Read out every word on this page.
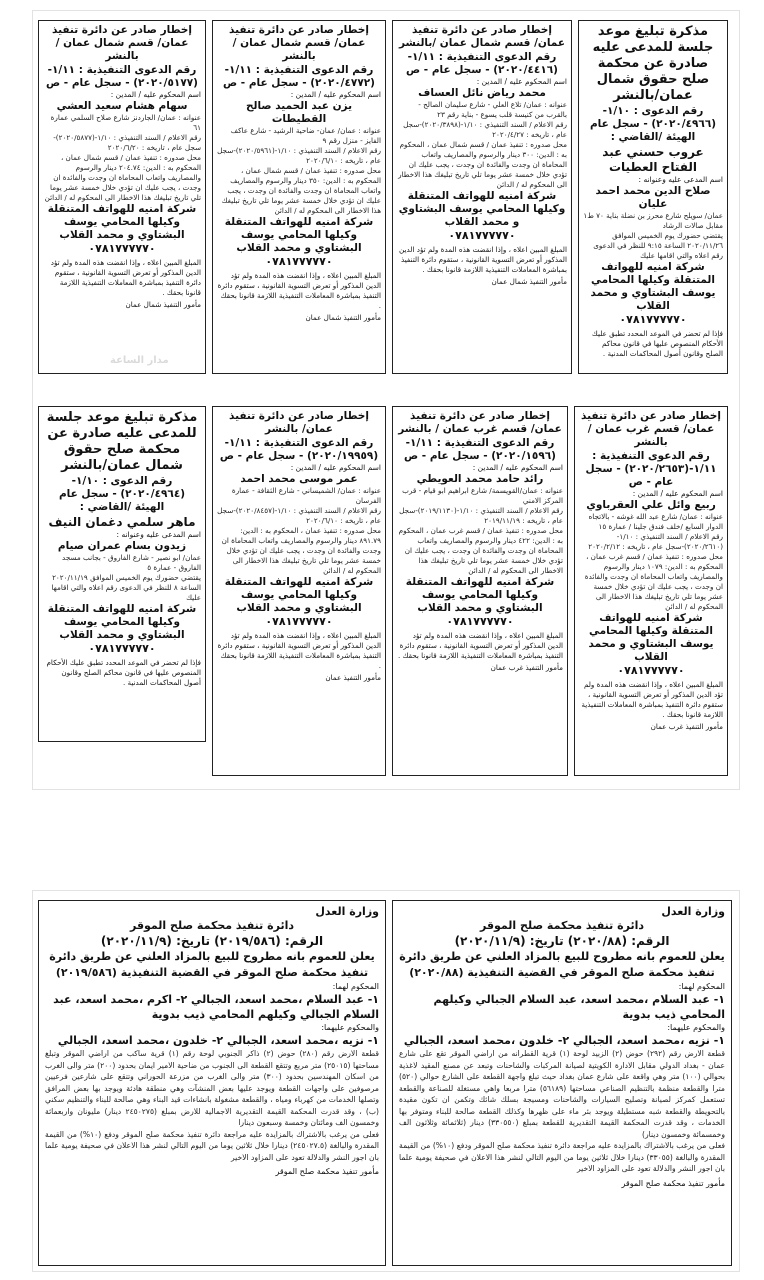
مذكرة تبليغ موعد جلسة للمدعى عليه صادرة عن محكمة صلح حقوق شمال عمان/بالنشر
رقم الدعوى : ١/١٠-(٢٠٢٠/٤٩٦٦) - سجل عام
الهيئة /القاضي :
عروب حسني عبد الفتاح العطيات
اسم المدعى عليه وعنوانه :
صلاح الدين محمد احمد عليان
عمان/ سويلح شارع محرز بن نضلة بناية ٧٠ ط١ مقابل صالات الرشاد
يقتضي حضورك يوم الخميس الموافق ٢٠٢٠/١١/٢٦ الساعة ٩:١٥ للنظر في الدعوى رقم اعلاه والتي اقامها عليك
شركة امنيه للهواتف المتنقلة وكيلها المحامي يوسف البشتاوي و محمد القلاب
٠٧٨١٧٧٧٧٧٠
فإذا لم تحضر في الموعد المحدد تطبق عليك الأحكام المنصوص عليها في قانون محاكم الصلح وقانون أصول المحاكمات المدنية .
إخطار صادر عن دائرة تنفيذ عمان/ قسم شمال عمان /بالنشر
رقم الدعوى التنفيذية : ١/١١-(٢٠٢٠/٤٤١٦) - سجل عام - ص
اسم المحكوم عليه / المدين :
محمد رياض نائل العساف
عنوانه : عمان/ تلاع العلي - شارع سليمان الصالح - بالقرب من كنيسة قلب يسوع - بناية رقم ٢٣
رقم الاعلام / السند التنفيذي : ١/١٠-(٢٠٢٠/٣٨٩٨)-سجل عام ، تاريخه : ٢٠٢٠/٤/٢٧
محل صدوره : تنفيذ عمان / قسم شمال عمان ، المحكوم به : الدين: ٣٠٠ دينار والرسوم والمصاريف واتعاب المحاماة ان وجدت والفائدة ان وجدت ، يجب عليك ان تؤدي خلال خمسة عشر يوما تلي تاريخ تبليغك هذا الاخطار الى المحكوم له / الدائن
شركة امنيه للهواتف المتنقلة وكيلها المحامي يوسف البشتاوي و محمد القلاب
٠٧٨١٧٧٧٧٧٠
المبلغ المبين اعلاه ، وإذا انقضت هذه المدة ولم تؤد الدين المذكور أو تعرض التسوية القانونية ، ستقوم دائرة التنفيذ بمباشرة المعاملات التنفيذية اللازمة قانونا بحقك .
مأمور التنفيذ شمال عمان
إخطار صادر عن دائرة تنفيذ عمان/ قسم شمال عمان / بالنشر
رقم الدعوى التنفيذية : ١/١١-(٢٠٢٠/٤٧٧٢) - سجل عام - ص
اسم المحكوم عليه / المدين :
يزن عبد الحميد صالح القطيطات
عنوانه : عمان/ عمان- ضاحية الرشيد - شارع عاكف الفايز - منزل رقم ٩
رقم الاعلام / السند التنفيذي : ١/١٠-(٢٠٢٠/٥٩٦١)-سجل عام ، تاريخه : ٢٠٢٠/٦/١٠
محل صدوره : تنفيذ عمان / قسم شمال عمان ، المحكوم به : الدين: ٣٥٠ دينار والرسوم والمصاريف واتعاب المحاماة ان وجدت والفائدة ان وجدت ، يجب عليك ان تؤدي خلال خمسة عشر يوما تلي تاريخ تبليغك هذا الاخطار الى المحكوم له / الدائن
شركة امنيه للهواتف المتنقلة وكيلها المحامي يوسف البشتاوي و محمد القلاب
٠٧٨١٧٧٧٧٧٠
المبلغ المبين اعلاه ، وإذا انقضت هذه المدة ولم تؤد الدين المذكور أو تعرض التسوية القانونية ، ستقوم دائرة التنفيذ بمباشرة المعاملات التنفيذية اللازمة قانونا بحقك .
مأمور التنفيذ شمال عمان
إخطار صادر عن دائرة تنفيذ عمان/ قسم شمال عمان /بالنشر
رقم الدعوى التنفيذية : ١/١١-(٢٠٢٠/٥١٧٧) - سجل عام - ص
اسم المحكوم عليه / المدين :
سهام هشام سعيد العشي
عنوانه : عمان/ الجاردنز شارع صلاح السلمي عمارة ٦١
رقم الاعلام / السند التنفيذي : ١/١٠-(٢٠٢٠/٥٨٧٧)-سجل عام ، تاريخه : ٢٠٢٠/٦/٢٠
محل صدوره : تنفيذ عمان / قسم شمال عمان ، المحكوم به : الدين: ٢٠٤.٧٤ دينار والرسوم والمصاريف واتعاب المحاماة ان وجدت والفائدة ان وجدت ، يجب عليك ان تؤدي خلال خمسة عشر يوما تلي تاريخ تبليغك هذا الاخطار الى المحكوم له / الدائن
شركة امنيه للهواتف المتنقلة وكيلها المحامي يوسف البشتاوي و محمد القلاب
٠٧٨١٧٧٧٧٧٠
المبلغ المبين اعلاه ، وإذا انقضت هذه المدة ولم تؤد الدين المذكور أو تعرض التسوية القانونية ، ستقوم دائرة التنفيذ بمباشرة المعاملات التنفيذية اللازمة قانونا بحقك .
مأمور التنفيذ شمال عمان
إخطار صادر عن دائرة تنفيذ عمان/ قسم غرب عمان / بالنشر
رقم الدعوى التنفيذية : ١/١١-(٢٠٢٠/٢٦٥٣) - سجل عام - ص
اسم المحكوم عليه / المدين :
ربيع وائل علي العقرباوي
عنوانه : عمان/ شارع عبد الله غوشه - بالاتجاه الدوار السابع /خلف فندق جلينا / عمارة ١٥
رقم الاعلام / السند التنفيذي : ١/١٠-(٢٠٢٠/٢٦١٠)-سجل عام ، تاريخه : ٢٠٢٠/٢/١٢
محل صدوره : تنفيذ عمان / قسم غرب عمان ، المحكوم به : الدين: ١٠٧٩ دينار والرسوم والمصاريف واتعاب المحاماة ان وجدت والفائدة ان وجدت ، يجب عليك ان تؤدي خلال خمسة عشر يوما تلي تاريخ تبليغك هذا الاخطار الى المحكوم له / الدائن
شركة امنيه للهواتف المتنقلة وكيلها المحامي يوسف البشتاوي و محمد القلاب
٠٧٨١٧٧٧٧٧٠
المبلغ المبين اعلاه ، وإذا انقضت هذه المدة ولم تؤد الدين المذكور أو تعرض التسوية القانونية ، ستقوم دائرة التنفيذ بمباشرة المعاملات التنفيذية اللازمة قانونا بحقك .
مأمور التنفيذ غرب عمان
إخطار صادر عن دائرة تنفيذ عمان/ قسم غرب عمان / بالنشر
رقم الدعوى التنفيذية : ١/١١-(٢٠٢٠/١٥٩٦) - سجل عام - ص
اسم المحكوم عليه / المدين :
رائد حامد محمد العويطي
عنوانه : عمان/القويسمة/ شارع ابراهيم ابو قيام - قرب المركز الامني
رقم الاعلام / السند التنفيذي : ١/١٠-(٢٠١٩/١١٣٠)-سجل عام ، تاريخه : ٢٠١٩/١١/١٩
محل صدوره : تنفيذ عمان / قسم غرب عمان ، المحكوم به : الدين: ٤٢٢ دينار والرسوم والمصاريف واتعاب المحاماة ان وجدت والفائدة ان وجدت ، يجب عليك ان تؤدي خلال خمسة عشر يوما تلي تاريخ تبليغك هذا الاخطار الى المحكوم له / الدائن
شركة امنيه للهواتف المتنقلة وكيلها المحامي يوسف البشتاوي و محمد القلاب
٠٧٨١٧٧٧٧٧٠
المبلغ المبين اعلاه ، وإذا انقضت هذه المدة ولم تؤد الدين المذكور أو تعرض التسوية القانونية ، ستقوم دائرة التنفيذ بمباشرة المعاملات التنفيذية اللازمة قانونا بحقك .
مأمور التنفيذ غرب عمان
إخطار صادر عن دائرة تنفيذ عمان/ بالنشر
رقم الدعوى التنفيذية : ١/١١-(٢٠٢٠/١٩٩٥٩) - سجل عام - ص
اسم المحكوم عليه / المدين :
عمر موسى محمد احمد
عنوانه : عمان/ الشميساني - شارع الثقافة - عمارة الفرسان
رقم الاعلام / السند التنفيذي : ١/١٠-(٢٠٢٠/٨٤٥٧)-سجل عام ، تاريخه : ٢٠٢٠/٦/١٠
محل صدوره : تنفيذ عمان ، المحكوم به : الدين: ٨٩١.٧٩ دينار والرسوم والمصاريف واتعاب المحاماة ان وجدت والفائدة ان وجدت ، يجب عليك ان تؤدي خلال خمسة عشر يوما تلي تاريخ تبليغك هذا الاخطار الى المحكوم له / الدائن
شركة امنيه للهواتف المتنقلة وكيلها المحامي يوسف البشتاوي و محمد القلاب
٠٧٨١٧٧٧٧٧٠
المبلغ المبين اعلاه ، وإذا انقضت هذه المدة ولم تؤد الدين المذكور أو تعرض التسوية القانونية ، ستقوم دائرة التنفيذ بمباشرة المعاملات التنفيذية اللازمة قانونا بحقك .
مأمور التنفيذ عمان
مذكرة تبليغ موعد جلسة للمدعى عليه صادرة عن محكمة صلح حقوق شمال عمان/بالنشر
رقم الدعوى : ١/١٠-(٢٠٢٠/٤٩٦٤) - سجل عام
الهيئة /القاضي :
ماهر سلمي دغمان النيف
اسم المدعى عليه وعنوانه :
زيدون بسام عمران صيام
عمان/ ابو نصير - شارع الفاروق - بجانب مسجد الفاروق - عمارة ٥
يقتضي حضورك يوم الخميس الموافق ٢٠٢٠/١١/١٩ الساعة ٨ للنظر في الدعوى رقم اعلاه والتي اقامها عليك
شركة امنيه للهواتف المتنقلة وكيلها المحامي يوسف البشتاوي و محمد القلاب
٠٧٨١٧٧٧٧٧٠
فإذا لم تحضر في الموعد المحدد تطبق عليك الأحكام المنصوص عليها في قانون محاكم الصلح وقانون أصول المحاكمات المدنية .
وزارة العدل
دائرة تنفيذ محكمة صلح الموقر
الرقم: (٢٠٢٠/٨٨) تاريخ: (٢٠٢٠/١١/٩)
يعلن للعموم بانه مطروح للبيع بالمزاد العلني عن طريق دائرة تنفيذ محكمة صلح الموقر في القضية التنفيذية (٢٠٢٠/٨٨)
المحكوم لهما:
١- عبد السلام ،محمد اسعد، عبد السلام الجبالي وكيلهم المحامي ذيب بدوية
والمحكوم عليهما:
١- نزيه ،محمد اسعد، الجبالي ٢- خلدون ،محمد اسعد، الجبالي
قطعة الارض رقم (٢٩٢) حوض (٢) الزبيد لوحة (١) قرية القطرانه من اراضي الموقر تقع على شارع عمان - بغداد الدولي مقابل الادارة الكويتية لصيانة المركبات والشاحنات وتبعد عن مصنع المقيد لاغذية بحوالي (١٠٠) متر وهي واقعة على شارع عمان بغداد حيث تبلغ واجهة القطعة على الشارع حوالي (٥٢٠) مترا والقطعة منظمة بالتنظيم الصناعي مساحتها (٥٦١٨٩) مترا مربعا واهي مستغلة للصناعة والقطعة تستعمل كمركز لصيانة وتصليح السيارات والشاحنات ومسيجة بسلك شائك وتكمن ان تكون مقيدة بالتحويطة والقطعة شبه مستطيلة ويوجد بئر ماء على ظهرها وكذلك القطعة صالحة للبناء ومتوفر بها الخدمات ، وقد قدرت المحكمة القيمة التقديرية للقطعة بمبلغ (٣٣٠٥٥٠) دينار (ثلاثمائة وثلاثون الف وخمسمائة وخمسون دينار)
فعلى من يرغب بالاشتراك بالمزايدة عليه مراجعة دائرة تنفيذ محكمة صلح الموقر ودفع (١٠%) من القيمة المقدرة والبالغة (٣٣٠٥٥) دينارا خلال ثلاثين يوما من اليوم التالي لنشر هذا الاعلان في صحيفة يومية علما بان اجور النشر والدلالة تعود على المزاود الاخير
مأمور تنفيذ محكمة صلح الموقر
وزارة العدل
دائرة تنفيذ محكمة صلح الموقر
الرقم: (٢٠١٩/٥٨٦) تاريخ: (٢٠٢٠/١١/٩)
يعلن للعموم بانه مطروح للبيع بالمزاد العلني عن طريق دائرة تنفيذ محكمة صلح الموقر في القضية التنفيذية (٢٠١٩/٥٨٦)
المحكوم لهما:
١- عبد السلام ،محمد اسعد، الجبالي ٢- اكرم ،محمد اسعد، عبد السلام الجبالي وكيلهم المحامي ذيب بدوية
والمحكوم عليهما:
١- نزيه ،محمد اسعد، الجبالي ٢- خلدون ،محمد اسعد، الجبالي
قطعة الارض رقم (٢٨٠) حوض (٢) ذاكر الجنوبي لوحة رقم (١) قرية ساكب من اراضي الموقر وتبلغ مساحتها (٢٥٠١٥) متر مربع وتتقع القطعة الى الجنوب من ضاحية الامير ايمان بحدود (٢٠٠) متر والى الغرب من اسكان المهندسين بحدود (٣٠٠) متر والى الغرب من مزرعة الحوراني وتتقع على شارعين فرعيين مرصوفين على واجهات القطعة ويوجد عليها بعض المنشآت وهي منطقة هادئة ويوجد بها بعض المرافق وتصلها الخدمات من كهرباء ومياه ، والقطعة مشغولة بانشاءات قيد البناء وهي صالحة للبناء والتنظيم سكني (ب) ، وقد قدرت المحكمة القيمة التقديرية الاجمالية للارض بمبلغ (٢٤٥٠٢٧٥ دينار) مليونان واربعمائة وخمسون الف ومائتان وخمسة وسبعون دينارا
فعلى من يرغب بالاشتراك بالمزايدة عليه مراجعة دائرة تنفيذ محكمة صلح الموقر ودفع (١٠%) من القيمة المقدرة والبالغة (٢٤٥٠٢٧.٥) دينارا خلال ثلاثين يوما من اليوم التالي لنشر هذا الاعلان في صحيفة يومية علما بان اجور النشر والدلالة تعود على المزاود الاخير
مأمور تنفيذ محكمة صلح الموقر
مدار الساعة
